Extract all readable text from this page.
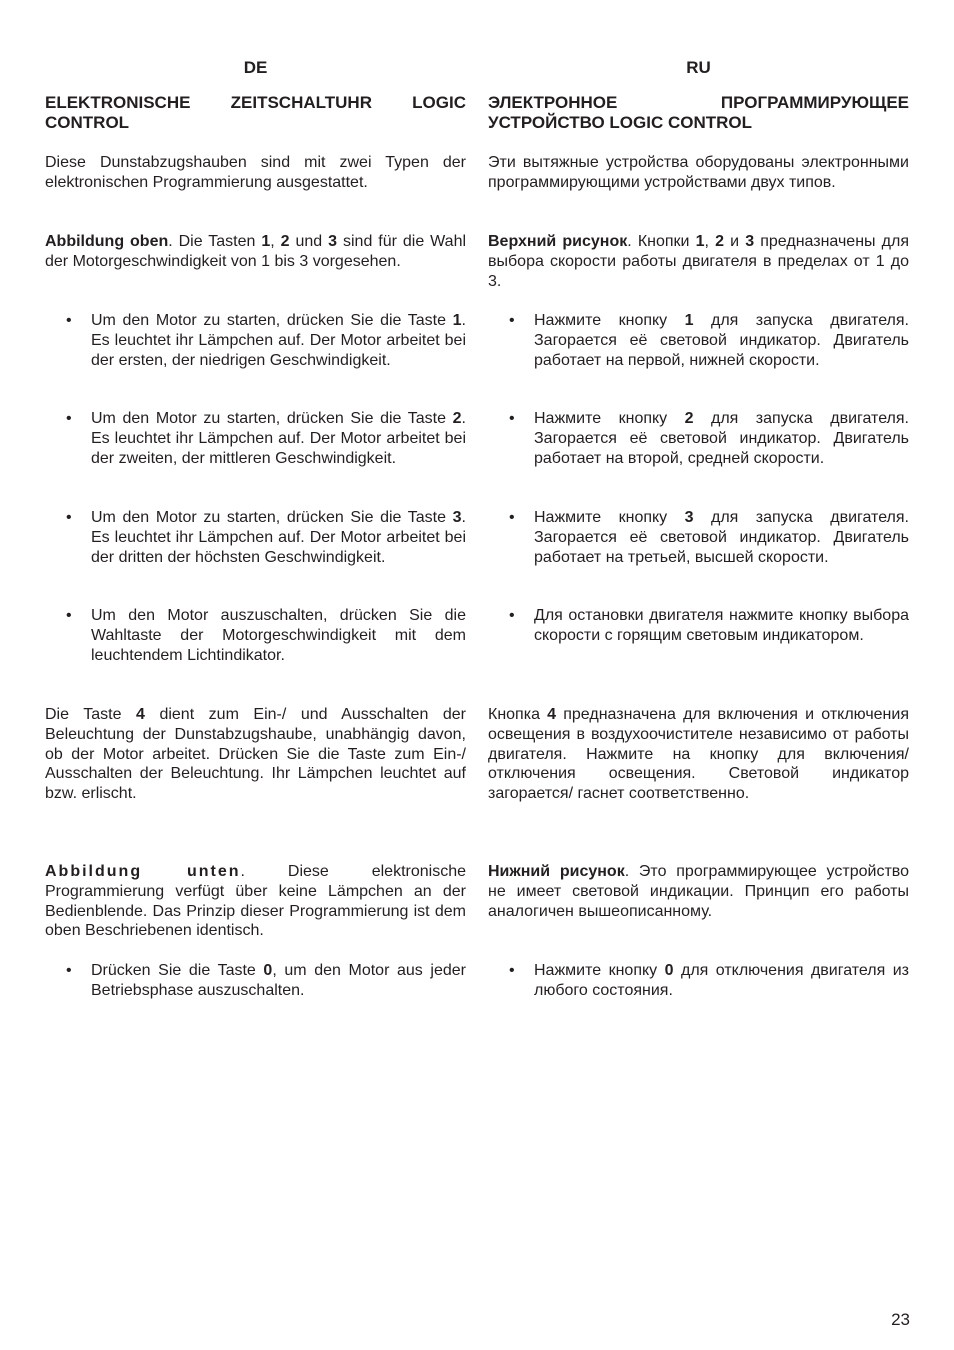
DE
ELEKTRONISCHE ZEITSCHALTUHR LOGIC CONTROL

Diese Dunstabzugshauben sind mit zwei Typen der elektronischen Programmierung ausgestattet.

Abbildung oben. Die Tasten 1, 2 und 3 sind für die Wahl der Motorgeschwindigkeit von 1 bis 3 vorgesehen.

• Um den Motor zu starten, drücken Sie die Taste 1. Es leuchtet ihr Lämpchen auf. Der Motor arbeitet bei der ersten, der niedrigen Geschwindigkeit.
• Um den Motor zu starten, drücken Sie die Taste 2. Es leuchtet ihr Lämpchen auf. Der Motor arbeitet bei der zweiten, der mittleren Geschwindigkeit.
• Um den Motor zu starten, drücken Sie die Taste 3. Es leuchtet ihr Lämpchen auf. Der Motor arbeitet bei der dritten der höchsten Geschwindigkeit.
• Um den Motor auszuschalten, drücken Sie die Wahltaste der Motorgeschwindigkeit mit dem leuchtendem Lichtindikator.

Die Taste 4 dient zum Ein-/ und Ausschalten der Beleuchtung der Dunstabzugshaube, unabhängig davon, ob der Motor arbeitet. Drücken Sie die Taste zum Ein-/ Ausschalten der Beleuchtung. Ihr Lämpchen leuchtet auf bzw. erlischt.

Abbildung unten. Diese elektronische Programmierung verfügt über keine Lämpchen an der Bedienblende. Das Prinzip dieser Programmierung ist dem oben Beschriebenen identisch.

• Drücken Sie die Taste 0, um den Motor aus jeder Betriebsphase auszuschalten.
RU
ЭЛЕКТРОННОЕ ПРОГРАММИРУЮЩЕЕ УСТРОЙСТВО LOGIC CONTROL

Эти вытяжные устройства оборудованы электронными программирующими устройствами двух типов.

Верхний рисунок. Кнопки 1, 2 и 3 предназначены для выбора скорости работы двигателя в пределах от 1 до 3.

• Нажмите кнопку 1 для запуска двигателя. Загорается её световой индикатор. Двигатель работает на первой, нижней скорости.
• Нажмите кнопку 2 для запуска двигателя. Загорается её световой индикатор. Двигатель работает на второй, средней скорости.
• Нажмите кнопку 3 для запуска двигателя. Загорается её световой индикатор. Двигатель работает на третьей, высшей скорости.
• Для остановки двигателя нажмите кнопку выбора скорости с горящим световым индикатором.

Кнопка 4 предназначена для включения и отключения освещения в воздухоочистителе независимо от работы двигателя. Нажмите на кнопку для включения/ отключения освещения. Световой индикатор загорается/ гаснет соответственно.

Нижний рисунок. Это программирующее устройство не имеет световой индикации. Принцип его работы аналогичен вышеописанному.

• Нажмите кнопку 0 для отключения двигателя из любого состояния.
23
